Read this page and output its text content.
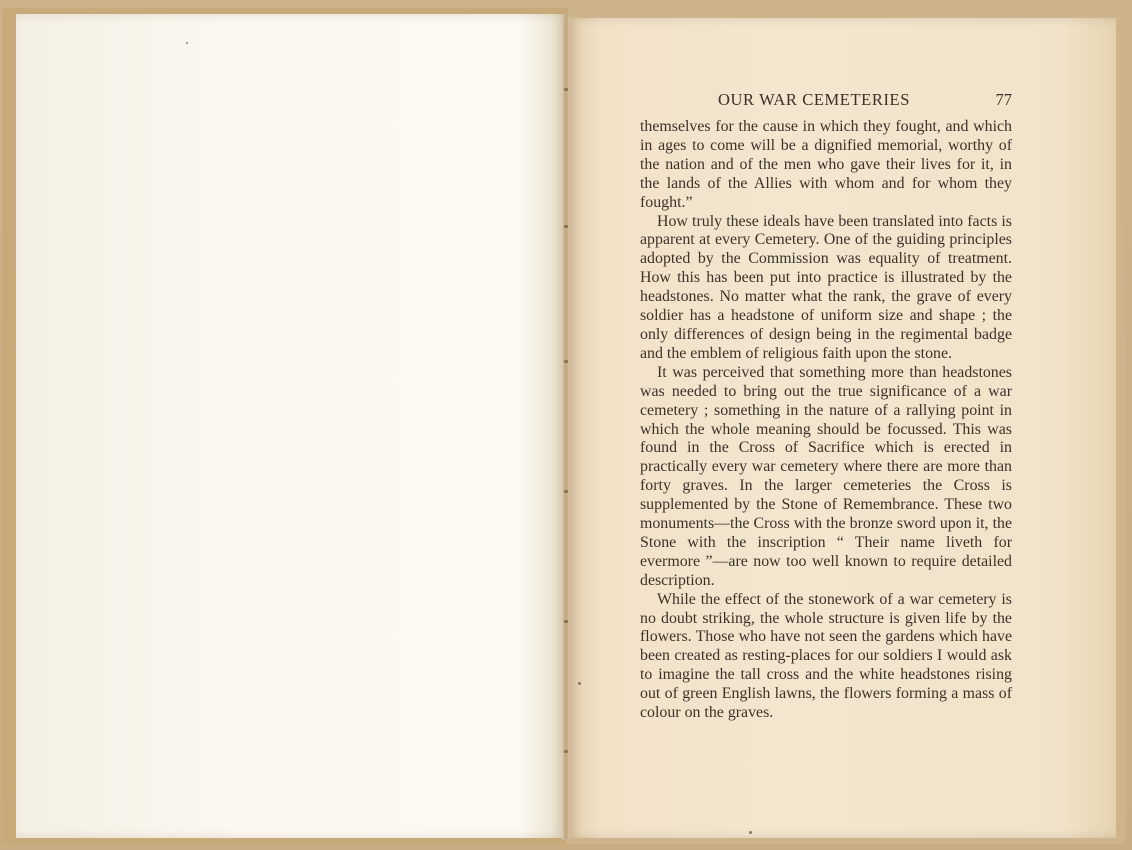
OUR WAR CEMETERIES	77

themselves for the cause in which they fought, and which in ages to come will be a dignified memorial, worthy of the nation and of the men who gave their lives for it, in the lands of the Allies with whom and for whom they fought.”

How truly these ideals have been translated into facts is apparent at every Cemetery. One of the guiding principles adopted by the Commission was equality of treatment. How this has been put into practice is illustrated by the headstones. No matter what the rank, the grave of every soldier has a headstone of uniform size and shape ; the only differences of design being in the regimental badge and the emblem of religious faith upon the stone.

It was perceived that something more than headstones was needed to bring out the true significance of a war cemetery ; something in the nature of a rallying point in which the whole meaning should be focussed. This was found in the Cross of Sacrifice which is erected in practically every war cemetery where there are more than forty graves. In the larger cemeteries the Cross is supplemented by the Stone of Remembrance. These two monuments—the Cross with the bronze sword upon it, the Stone with the inscription “ Their name liveth for evermore ”—are now too well known to require detailed description.

While the effect of the stonework of a war cemetery is no doubt striking, the whole structure is given life by the flowers. Those who have not seen the gardens which have been created as resting-places for our soldiers I would ask to imagine the tall cross and the white headstones rising out of green English lawns, the flowers forming a mass of colour on the graves.
